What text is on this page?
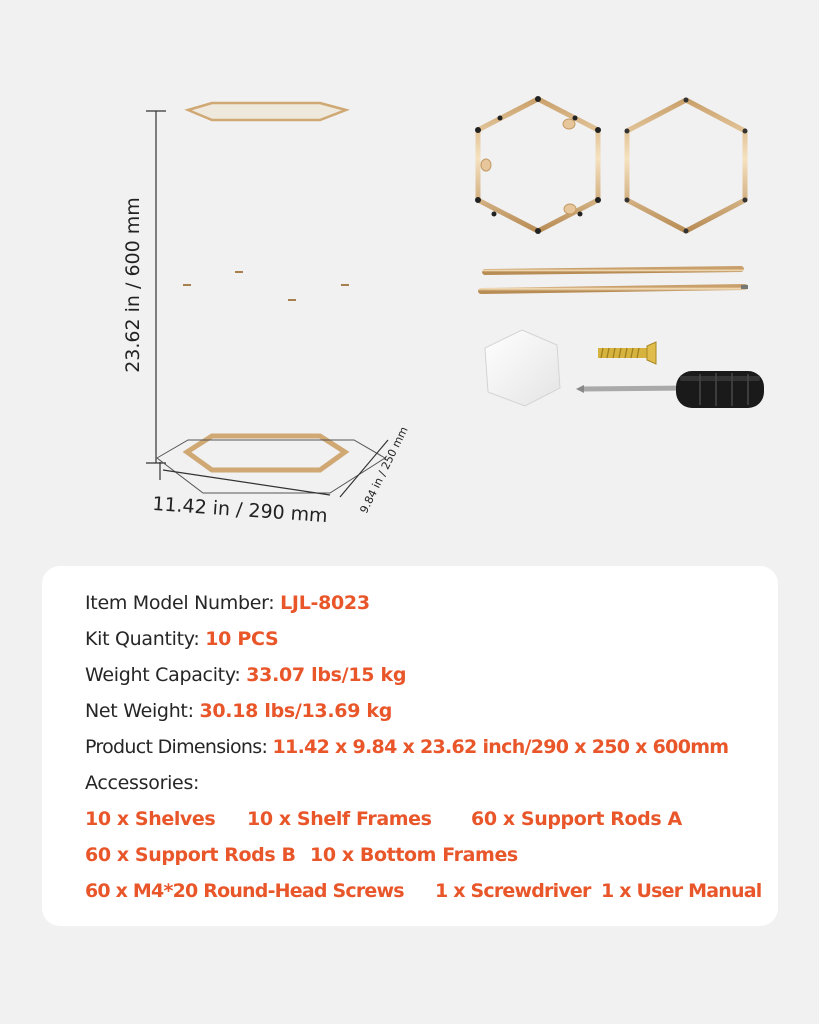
23.62 in / 600 mm
11.42 in / 290 mm	9.84 in / 250 mm
Item Model Number: LJL-8023
Kit Quantity: 10 PCS
Weight Capacity: 33.07 lbs/15 kg
Net Weight: 30.18 lbs/13.69 kg
Product Dimensions: 11.42 x 9.84 x 23.62 inch/290 x 250 x 600mm
Accessories:
10 x Shelves 10 x Shelf Frames 60 x Support Rods A
60 x Support Rods B 10 x Bottom Frames
60 x M4*20 Round-Head Screws 1 x Screwdriver 1 x User Manual
